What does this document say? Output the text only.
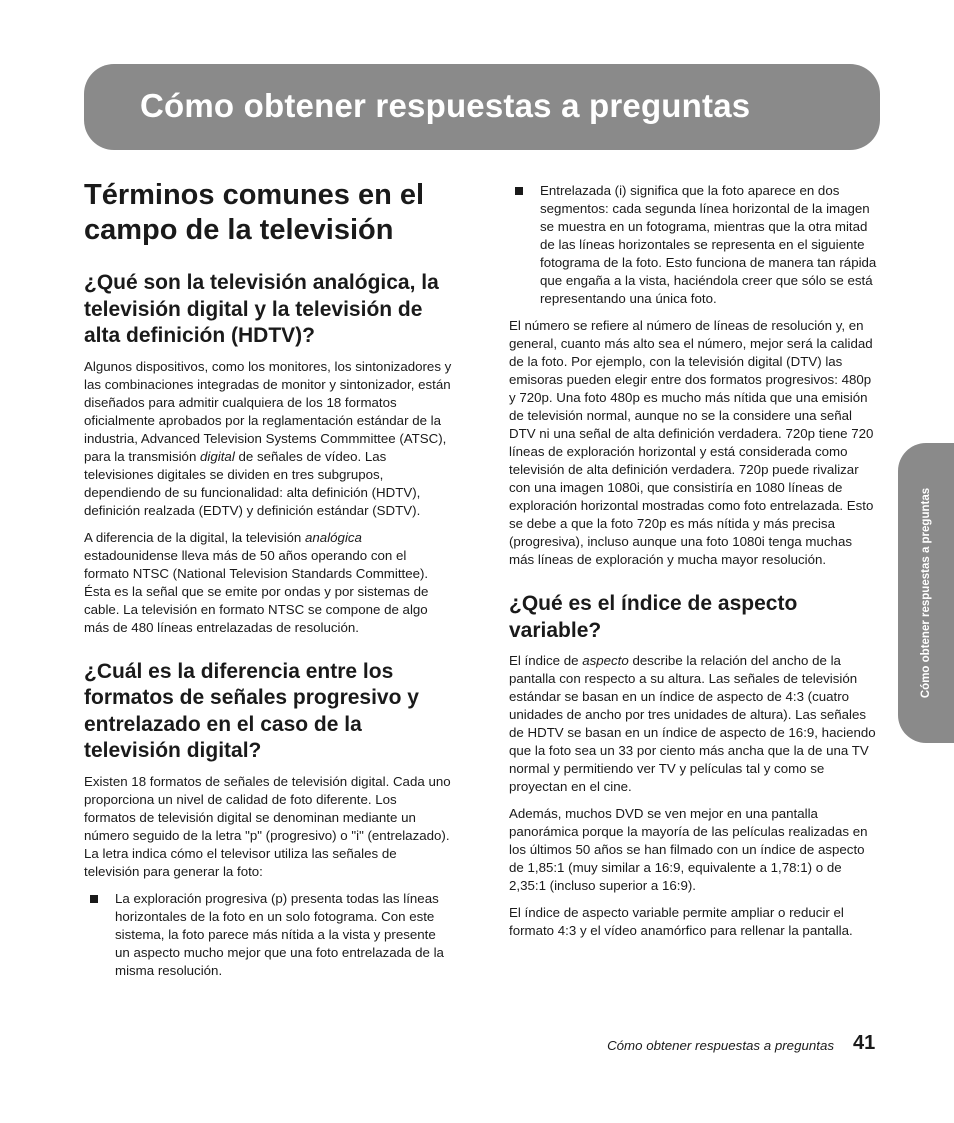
Cómo obtener respuestas a preguntas
Términos comunes en el campo de la televisión
¿Qué son la televisión analógica, la televisión digital y la televisión de alta definición (HDTV)?

Algunos dispositivos, como los monitores, los sintonizadores y las combinaciones integradas de monitor y sintonizador, están diseñados para admitir cualquiera de los 18 formatos oficialmente aprobados por la reglamentación estándar de la industria, Advanced Television Systems Commmittee (ATSC), para la transmisión digital de señales de vídeo. Las televisiones digitales se dividen en tres subgrupos, dependiendo de su funcionalidad: alta definición (HDTV), definición realzada (EDTV) y definición estándar (SDTV).

A diferencia de la digital, la televisión analógica estadounidense lleva más de 50 años operando con el formato NTSC (National Television Standards Committee). Ésta es la señal que se emite por ondas y por sistemas de cable. La televisión en formato NTSC se compone de algo más de 480 líneas entrelazadas de resolución.

¿Cuál es la diferencia entre los formatos de señales progresivo y entrelazado en el caso de la televisión digital?

Existen 18 formatos de señales de televisión digital. Cada uno proporciona un nivel de calidad de foto diferente. Los formatos de televisión digital se denominan mediante un número seguido de la letra "p" (progresivo) o "i" (entrelazado). La letra indica cómo el televisor utiliza las señales de televisión para generar la foto:

La exploración progresiva (p) presenta todas las líneas horizontales de la foto en un solo fotograma. Con este sistema, la foto parece más nítida a la vista y presente un aspecto mucho mejor que una foto entrelazada de la misma resolución.

Entrelazada (i) significa que la foto aparece en dos segmentos: cada segunda línea horizontal de la imagen se muestra en un fotograma, mientras que la otra mitad de las líneas horizontales se representa en el siguiente fotograma de la foto. Esto funciona de manera tan rápida que engaña a la vista, haciéndola creer que sólo se está representando una única foto.

El número se refiere al número de líneas de resolución y, en general, cuanto más alto sea el número, mejor será la calidad de la foto. Por ejemplo, con la televisión digital (DTV) las emisoras pueden elegir entre dos formatos progresivos: 480p y 720p. Una foto 480p es mucho más nítida que una emisión de televisión normal, aunque no se la considere una señal DTV ni una señal de alta definición verdadera. 720p tiene 720 líneas de exploración horizontal y está considerada como televisión de alta definición verdadera. 720p puede rivalizar con una imagen 1080i, que consistiría en 1080 líneas de exploración horizontal mostradas como foto entrelazada. Esto se debe a que la foto 720p es más nítida y más precisa (progresiva), incluso aunque una foto 1080i tenga muchas más líneas de exploración y mucha mayor resolución.

¿Qué es el índice de aspecto variable?

El índice de aspecto describe la relación del ancho de la pantalla con respecto a su altura. Las señales de televisión estándar se basan en un índice de aspecto de 4:3 (cuatro unidades de ancho por tres unidades de altura). Las señales de HDTV se basan en un índice de aspecto de 16:9, haciendo que la foto sea un 33 por ciento más ancha que la de una TV normal y permitiendo ver TV y películas tal y como se proyectan en el cine.

Además, muchos DVD se ven mejor en una pantalla panorámica porque la mayoría de las películas realizadas en los últimos 50 años se han filmado con un índice de aspecto de 1,85:1 (muy similar a 16:9, equivalente a 1,78:1) o de 2,35:1 (incluso superior a 16:9).

El índice de aspecto variable permite ampliar o reducir el formato 4:3 y el vídeo anamórfico para rellenar la pantalla.

Cómo obtener respuestas a preguntas
Cómo obtener respuestas a preguntas 41
